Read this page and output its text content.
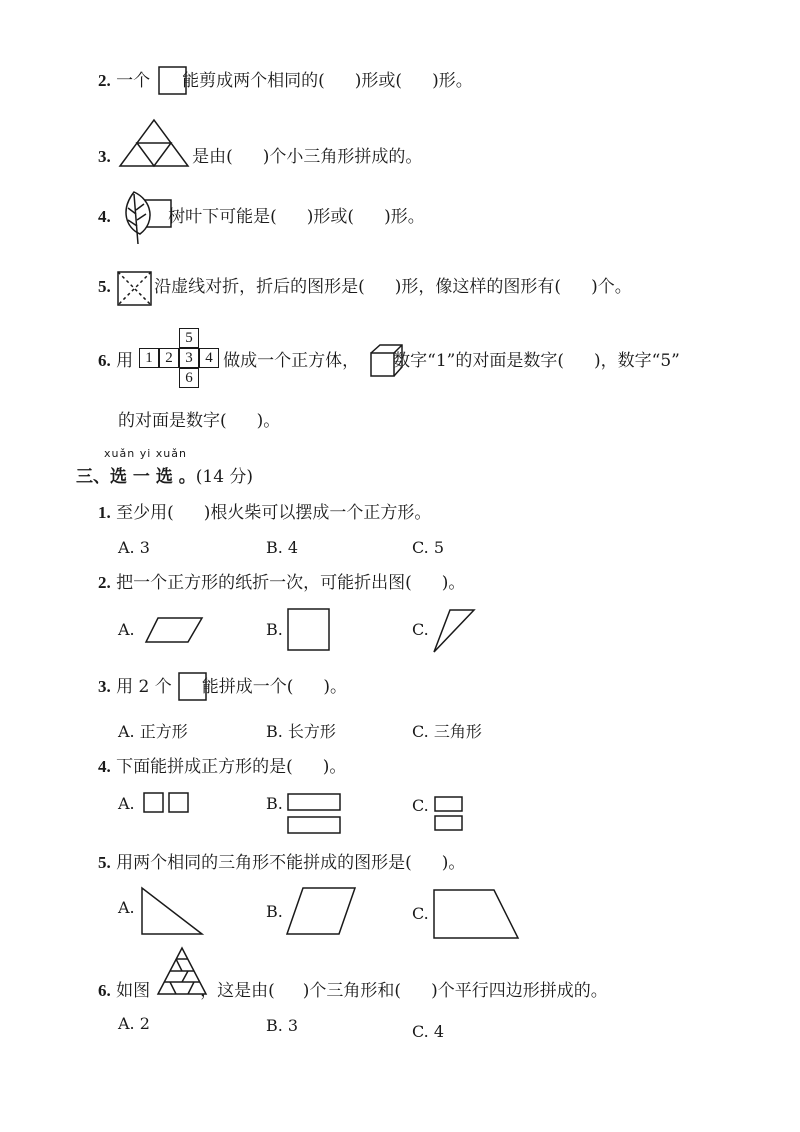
2. 一个 能剪成两个相同的( )形或( )形。
3.	是由( )个小三角形拼成的。
4.	树叶下可能是( )形或( )形。
5.	沿虚线对折，折后的图形是( )形，像这样的图形有( )个。
6. 用	做成一个正方体， 数字“1”的对面是数字( )，数字“5”
5
1 2 3 4
6
的对面是数字( )。
xuǎn yi xuǎn
三、选 一 选 。(14 分)
1. 至少用( )根火柴可以摆成一个正方形。
A. 3	B. 4	C. 5
2. 把一个正方形的纸折一次，可能折出图( )。
A.	B.	C.
3. 用 2 个 能拼成一个( )。
A. 正方形	B. 长方形	C. 三角形
4. 下面能拼成正方形的是( )。
A.	B.	C.
5. 用两个相同的三角形不能拼成的图形是( )。
A.	B.	C.
6. 如图	，这是由( )个三角形和( )个平行四边形拼成的。
A. 2	B. 3	C. 4
